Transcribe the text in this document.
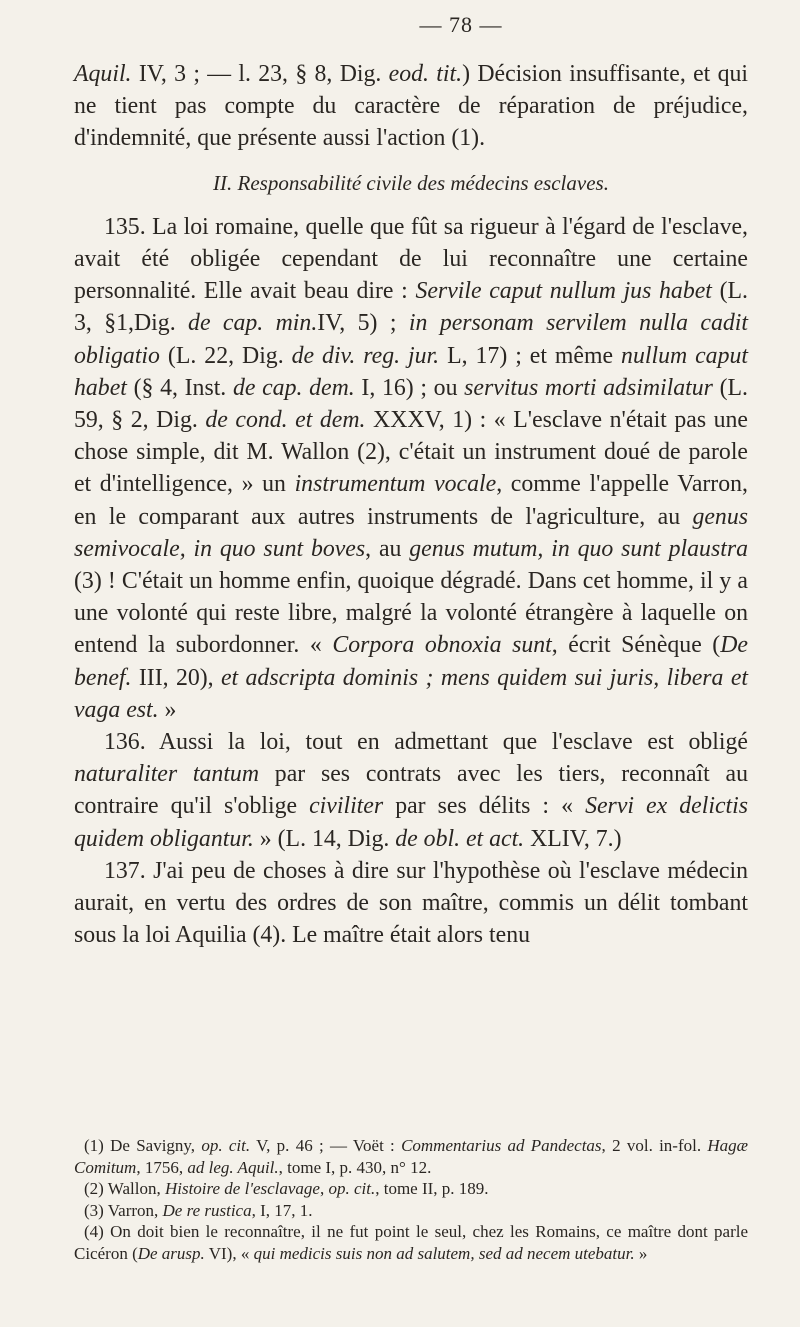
— 78 —

Aquil. IV, 3 ; — l. 23, § 8, Dig. eod. tit.) Décision insuffisante, et qui ne tient pas compte du caractère de réparation de préjudice, d'indemnité, que présente aussi l'action (1).

II. Responsabilité civile des médecins esclaves.

135. La loi romaine, quelle que fût sa rigueur à l'égard de l'esclave, avait été obligée cependant de lui reconnaître une certaine personnalité. Elle avait beau dire : Servile caput nullum jus habet (L. 3, §1,Dig. de cap. min.IV, 5) ; in personam servilem nulla cadit obligatio (L. 22, Dig. de div. reg. jur. L, 17) ; et même nullum caput habet (§ 4, Inst. de cap. dem. I, 16) ; ou servitus morti adsimilatur (L. 59, § 2, Dig. de cond. et dem. XXXV, 1) : « L'esclave n'était pas une chose simple, dit M. Wallon (2), c'était un instrument doué de parole et d'intelligence, » un instrumentum vocale, comme l'appelle Varron, en le comparant aux autres instruments de l'agriculture, au genus semivocale, in quo sunt boves, au genus mutum, in quo sunt plaustra (3) ! C'était un homme enfin, quoique dégradé. Dans cet homme, il y a une volonté qui reste libre, malgré la volonté étrangère à laquelle on entend la subordonner. « Corpora obnoxia sunt, écrit Sénèque (De benef. III, 20), et adscripta dominis ; mens quidem sui juris, libera et vaga est. »

136. Aussi la loi, tout en admettant que l'esclave est obligé naturaliter tantum par ses contrats avec les tiers, reconnaît au contraire qu'il s'oblige civiliter par ses délits : « Servi ex delictis quidem obligantur. » (L. 14, Dig. de obl. et act. XLIV, 7.)

137. J'ai peu de choses à dire sur l'hypothèse où l'esclave médecin aurait, en vertu des ordres de son maître, commis un délit tombant sous la loi Aquilia (4). Le maître était alors tenu

(1) De Savigny, op. cit. V, p. 46 ; — Voët : Commentarius ad Pandectas, 2 vol. in-fol. Hagæ Comitum, 1756, ad leg. Aquil., tome I, p. 430, n° 12.

(2) Wallon, Histoire de l'esclavage, op. cit., tome II, p. 189.

(3) Varron, De re rustica, I, 17, 1.

(4) On doit bien le reconnaître, il ne fut point le seul, chez les Romains, ce maître dont parle Cicéron (De arusp. VI), « qui medicis suis non ad salutem, sed ad necem utebatur. »
